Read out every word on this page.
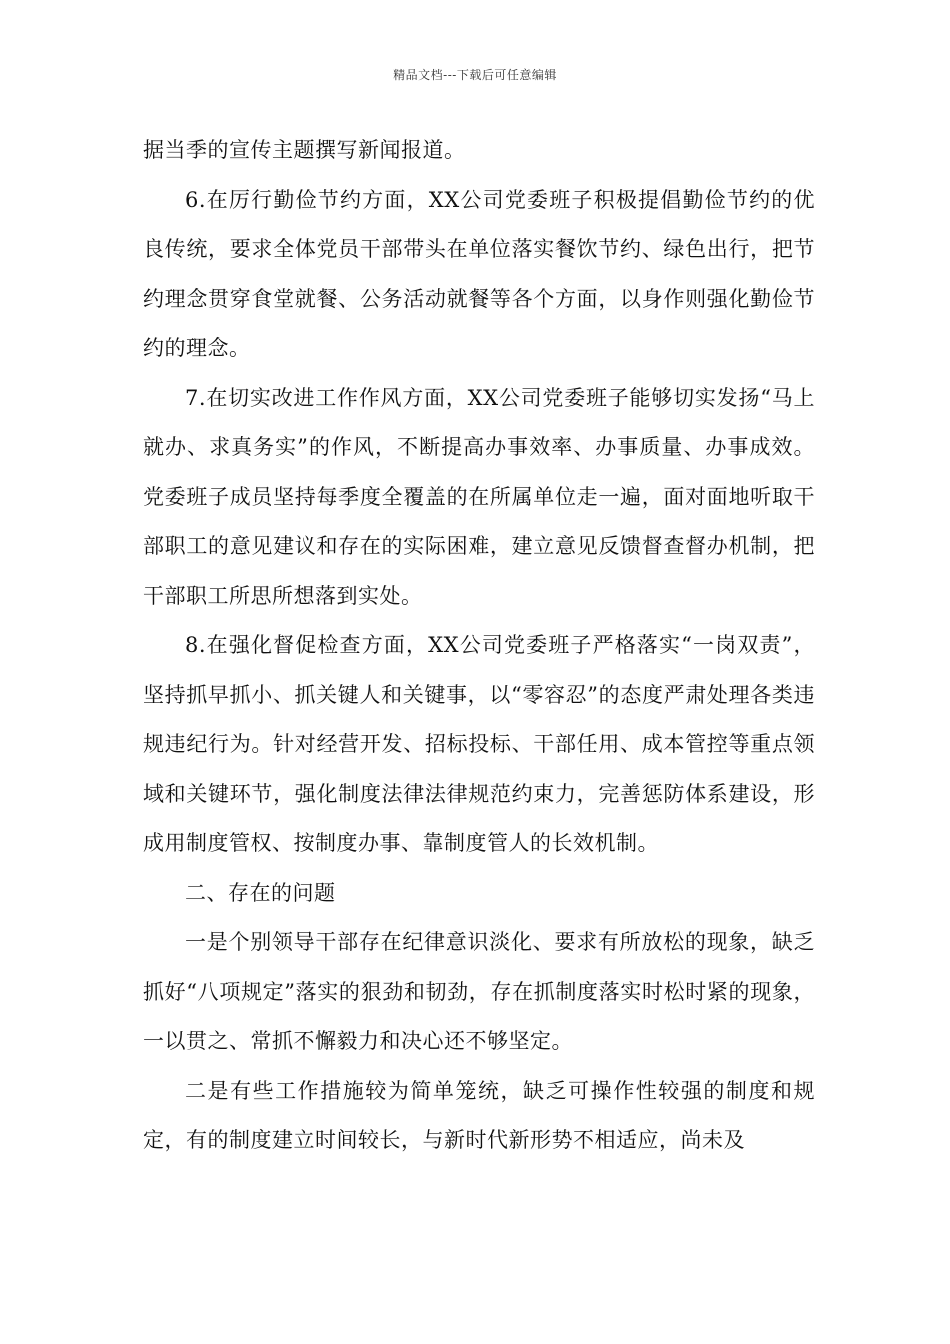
精品文档---下载后可任意编辑

据当季的宣传主题撰写新闻报道。

6.在厉行勤俭节约方面，XX公司党委班子积极提倡勤俭节约的优良传统，要求全体党员干部带头在单位落实餐饮节约、绿色出行，把节约理念贯穿食堂就餐、公务活动就餐等各个方面，以身作则强化勤俭节约的理念。

7.在切实改进工作作风方面，XX公司党委班子能够切实发扬“马上就办、求真务实”的作风，不断提高办事效率、办事质量、办事成效。党委班子成员坚持每季度全覆盖的在所属单位走一遍，面对面地听取干部职工的意见建议和存在的实际困难，建立意见反馈督查督办机制，把干部职工所思所想落到实处。

8.在强化督促检查方面，XX公司党委班子严格落实“一岗双责”，坚持抓早抓小、抓关键人和关键事，以“零容忍”的态度严肃处理各类违规违纪行为。针对经营开发、招标投标、干部任用、成本管控等重点领域和关键环节，强化制度法律法律规范约束力，完善惩防体系建设，形成用制度管权、按制度办事、靠制度管人的长效机制。

二、存在的问题

一是个别领导干部存在纪律意识淡化、要求有所放松的现象，缺乏抓好“八项规定”落实的狠劲和韧劲，存在抓制度落实时松时紧的现象，一以贯之、常抓不懈毅力和决心还不够坚定。

二是有些工作措施较为简单笼统，缺乏可操作性较强的制度和规定，有的制度建立时间较长，与新时代新形势不相适应，尚未及
